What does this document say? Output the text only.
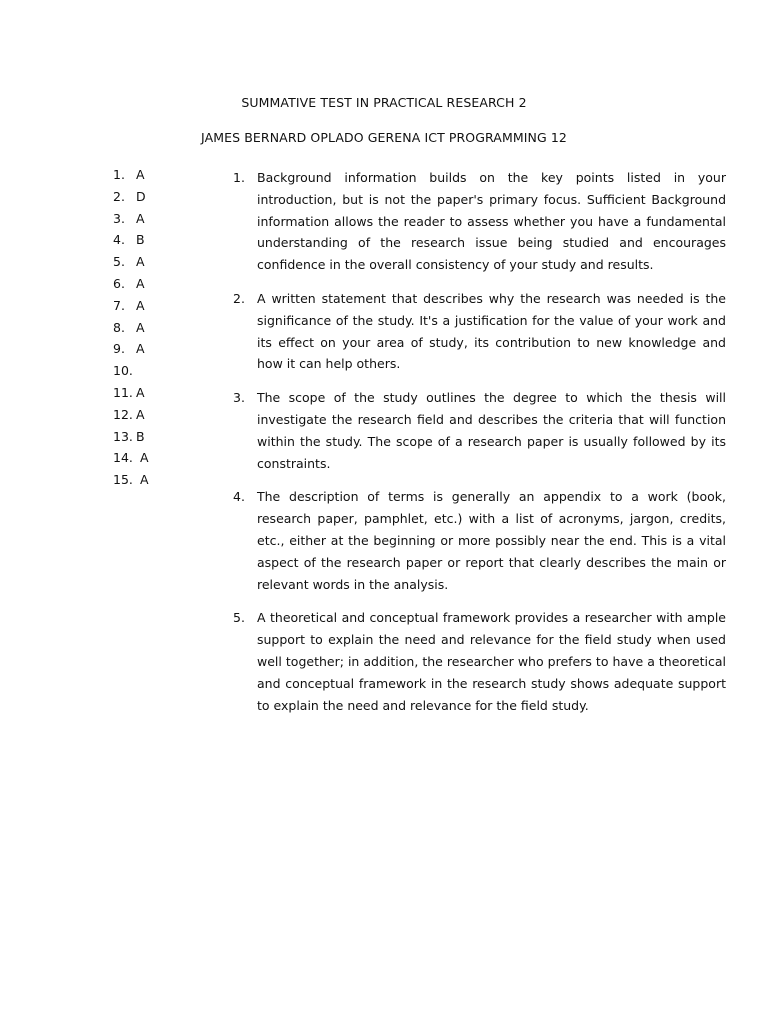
SUMMATIVE TEST IN PRACTICAL RESEARCH 2
JAMES BERNARD OPLADO GERENA ICT PROGRAMMING 12
1. A
2. D
3. A
4. B
5. A
6. A
7. A
8. A
9. A
10.
11. A
12. A
13. B
14. A
15. A
1. Background information builds on the key points listed in your introduction, but is not the paper's primary focus. Sufficient Background information allows the reader to assess whether you have a fundamental understanding of the research issue being studied and encourages confidence in the overall consistency of your study and results.
2. A written statement that describes why the research was needed is the significance of the study. It's a justification for the value of your work and its effect on your area of study, its contribution to new knowledge and how it can help others.
3. The scope of the study outlines the degree to which the thesis will investigate the research field and describes the criteria that will function within the study. The scope of a research paper is usually followed by its constraints.
4. The description of terms is generally an appendix to a work (book, research paper, pamphlet, etc.) with a list of acronyms, jargon, credits, etc., either at the beginning or more possibly near the end. This is a vital aspect of the research paper or report that clearly describes the main or relevant words in the analysis.
5. A theoretical and conceptual framework provides a researcher with ample support to explain the need and relevance for the field study when used well together; in addition, the researcher who prefers to have a theoretical and conceptual framework in the research study shows adequate support to explain the need and relevance for the field study.
